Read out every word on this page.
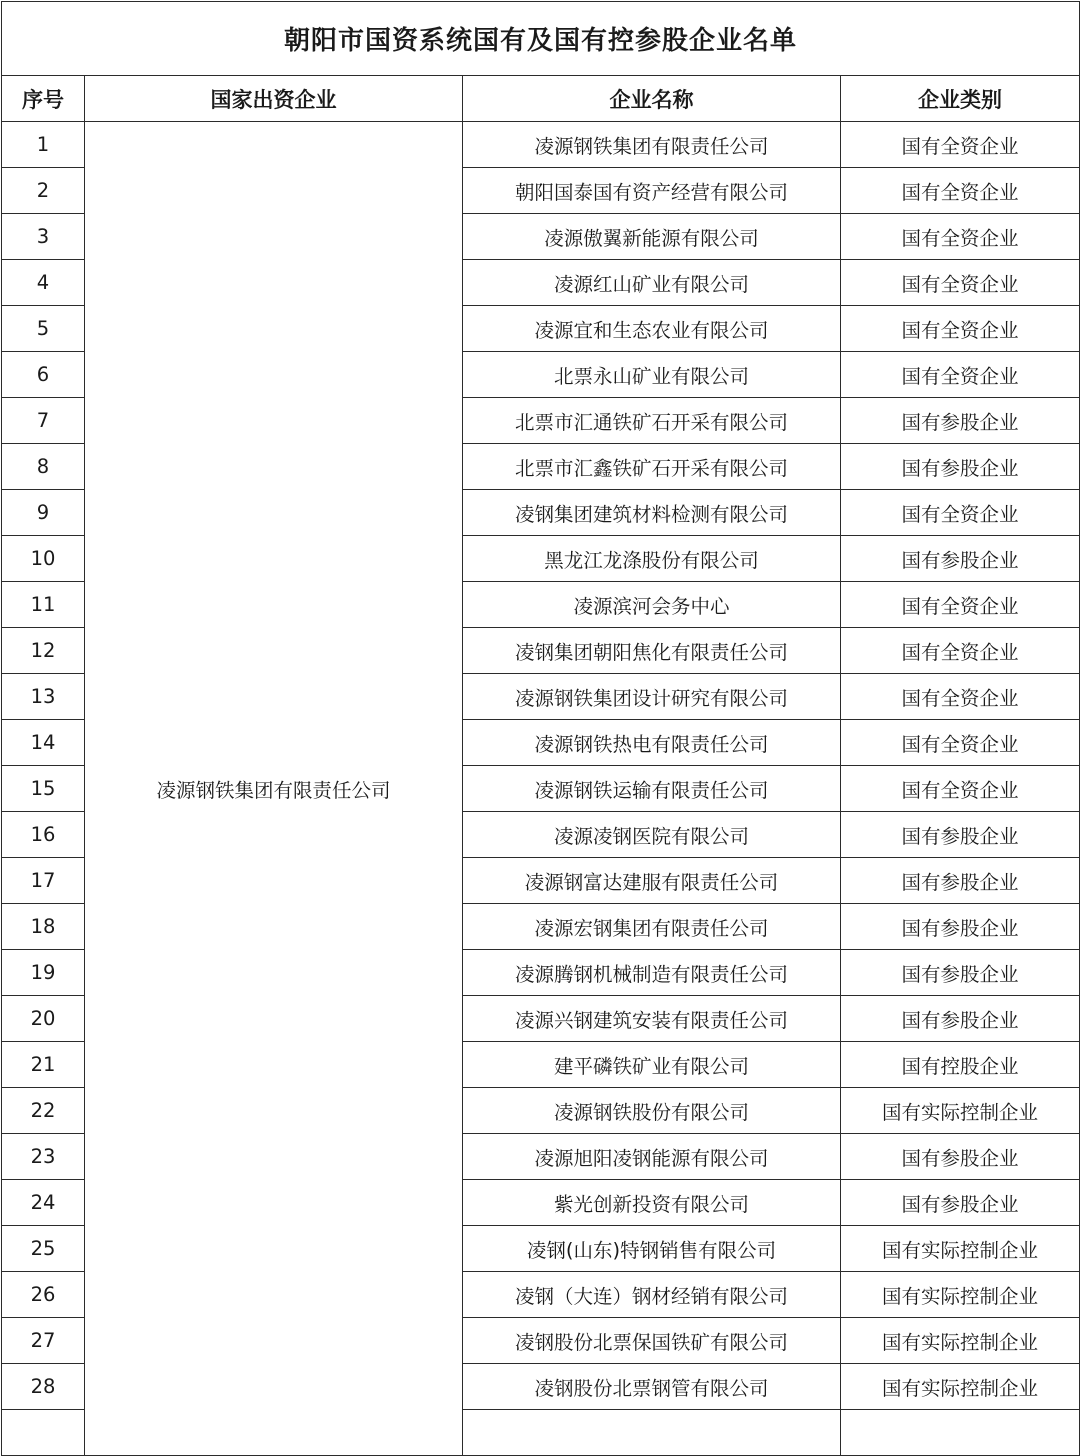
朝阳市国资系统国有及国有控参股企业名单			
序号	国家出资企业	企业名称	企业类别
1	凌源钢铁集团有限责任公司	凌源钢铁集团有限责任公司	国有全资企业
2		朝阳国泰国有资产经营有限公司	国有全资企业
3		凌源傲翼新能源有限公司	国有全资企业
4		凌源红山矿业有限公司	国有全资企业
5		凌源宜和生态农业有限公司	国有全资企业
6		北票永山矿业有限公司	国有全资企业
7		北票市汇通铁矿石开采有限公司	国有参股企业
8		北票市汇鑫铁矿石开采有限公司	国有参股企业
9		凌钢集团建筑材料检测有限公司	国有全资企业
10		黑龙江龙涤股份有限公司	国有参股企业
11		凌源滨河会务中心	国有全资企业
12		凌钢集团朝阳焦化有限责任公司	国有全资企业
13		凌源钢铁集团设计研究有限公司	国有全资企业
14		凌源钢铁热电有限责任公司	国有全资企业
15		凌源钢铁运输有限责任公司	国有全资企业
16		凌源凌钢医院有限公司	国有参股企业
17		凌源钢富达建服有限责任公司	国有参股企业
18		凌源宏钢集团有限责任公司	国有参股企业
19		凌源腾钢机械制造有限责任公司	国有参股企业
20		凌源兴钢建筑安装有限责任公司	国有参股企业
21		建平磷铁矿业有限公司	国有控股企业
22		凌源钢铁股份有限公司	国有实际控制企业
23		凌源旭阳凌钢能源有限公司	国有参股企业
24		紫光创新投资有限公司	国有参股企业
25		凌钢(山东)特钢销售有限公司	国有实际控制企业
26		凌钢（大连）钢材经销有限公司	国有实际控制企业
27		凌钢股份北票保国铁矿有限公司	国有实际控制企业
28		凌钢股份北票钢管有限公司	国有实际控制企业
